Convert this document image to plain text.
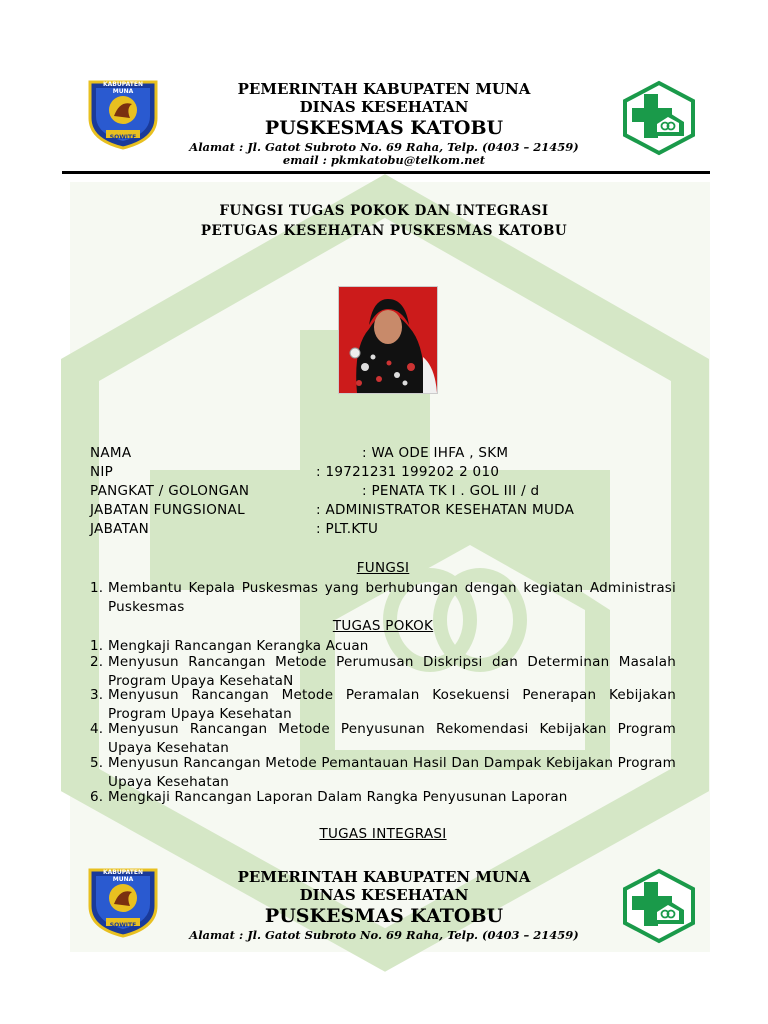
KABUPATEN MUNA
SOWITE
PEMERINTAH KABUPATEN MUNA
DINAS KESEHATAN
PUSKESMAS KATOBU
Alamat : Jl. Gatot Subroto No. 69 Raha, Telp. (0403 – 21459)
email : pkmkatobu@telkom.net
FUNGSI TUGAS POKOK DAN INTEGRASI
PETUGAS KESEHATAN PUSKESMAS KATOBU
NAMA	: WA ODE IHFA , SKM
NIP	: 19721231 199202 2 010
PANGKAT / GOLONGAN	: PENATA TK I . GOL III / d
JABATAN FUNGSIONAL	: ADMINISTRATOR KESEHATAN MUDA
JABATAN	: PLT.KTU
FUNGSI
1. Membantu Kepala Puskesmas yang berhubungan dengan kegiatan Administrasi Puskesmas
TUGAS POKOK
1. Mengkaji Rancangan Kerangka Acuan
2. Menyusun Rancangan Metode Perumusan Diskripsi dan Determinan Masalah Program Upaya KesehataN
3. Menyusun Rancangan Metode Peramalan Kosekuensi Penerapan Kebijakan Program Upaya Kesehatan
4. Menyusun Rancangan Metode Penyusunan Rekomendasi Kebijakan Program Upaya Kesehatan
5. Menyusun Rancangan Metode Pemantauan Hasil Dan Dampak Kebijakan Program Upaya Kesehatan
6. Mengkaji Rancangan Laporan Dalam Rangka Penyusunan Laporan
TUGAS INTEGRASI
KABUPATEN MUNA
SOWITE
PEMERINTAH KABUPATEN MUNA
DINAS KESEHATAN
PUSKESMAS KATOBU
Alamat : Jl. Gatot Subroto No. 69 Raha, Telp. (0403 – 21459)
